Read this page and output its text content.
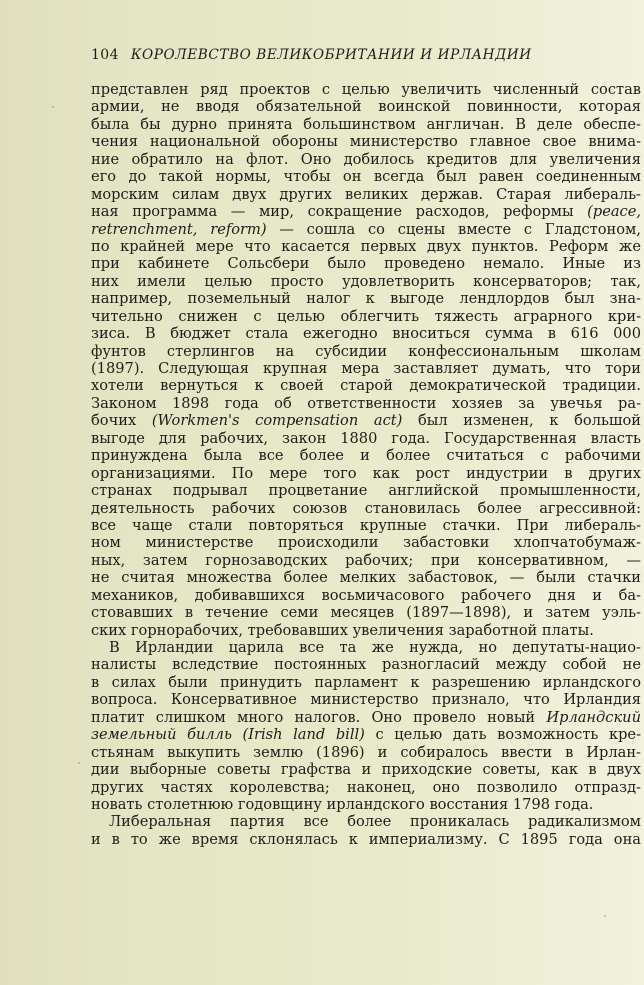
104 КОРОЛЕВСТВО ВЕЛИКОБРИТАНИИ И ИРЛАНДИИ
представлен ряд проектов с целью увеличить численный состав
армии, не вводя обязательной воинской повинности, которая
была бы дурно принята большинством англичан. В деле обеспе-
чения национальной обороны министерство главное свое внима-
ние обратило на флот. Оно добилось кредитов для увеличения
его до такой нормы, чтобы он всегда был равен соединенным
морским силам двух других великих держав. Старая либераль-
ная программа — мир, сокращение расходов, реформы (peace,
retrenchment, reform) — сошла со сцены вместе с Гладстоном,
по крайней мере что касается первых двух пунктов. Реформ же
при кабинете Сольсбери было проведено немало. Иные из
них имели целью просто удовлетворить консерваторов; так,
например, поземельный налог к выгоде лендлордов был зна-
чительно снижен с целью облегчить тяжесть аграрного кри-
зиса. В бюджет стала ежегодно вноситься сумма в 616 000
фунтов стерлингов на субсидии конфессиональным школам
(1897). Следующая крупная мера заставляет думать, что тори
хотели вернуться к своей старой демократической традиции.
Законом 1898 года об ответственности хозяев за увечья ра-
бочих (Workmen's compensation act) был изменен, к большой
выгоде для рабочих, закон 1880 года. Государственная власть
принуждена была все более и более считаться с рабочими
организациями. По мере того как рост индустрии в других
странах подрывал процветание английской промышленности,
деятельность рабочих союзов становилась более агрессивной:
все чаще стали повторяться крупные стачки. При либераль-
ном министерстве происходили забастовки хлопчатобумаж-
ных, затем горнозаводских рабочих; при консервативном, —
не считая множества более мелких забастовок, — были стачки
механиков, добивавшихся восьмичасового рабочего дня и ба-
стовавших в течение семи месяцев (1897—1898), и затем уэль-
ских горнорабочих, требовавших увеличения заработной платы.
В Ирландии царила все та же нужда, но депутаты-нацио-
налисты вследствие постоянных разногласий между собой не
в силах были принудить парламент к разрешению ирландского
вопроса. Консервативное министерство признало, что Ирландия
платит слишком много налогов. Оно провело новый Ирландский
земельный билль (Irish land bill) с целью дать возможность кре-
стьянам выкупить землю (1896) и собиралось ввести в Ирлан-
дии выборные советы графства и приходские советы, как в двух
других частях королевства; наконец, оно позволило отпразд-
новать столетнюю годовщину ирландского восстания 1798 года.
Либеральная партия все более проникалась радикализмом
и в то же время склонялась к империализму. С 1895 года она
